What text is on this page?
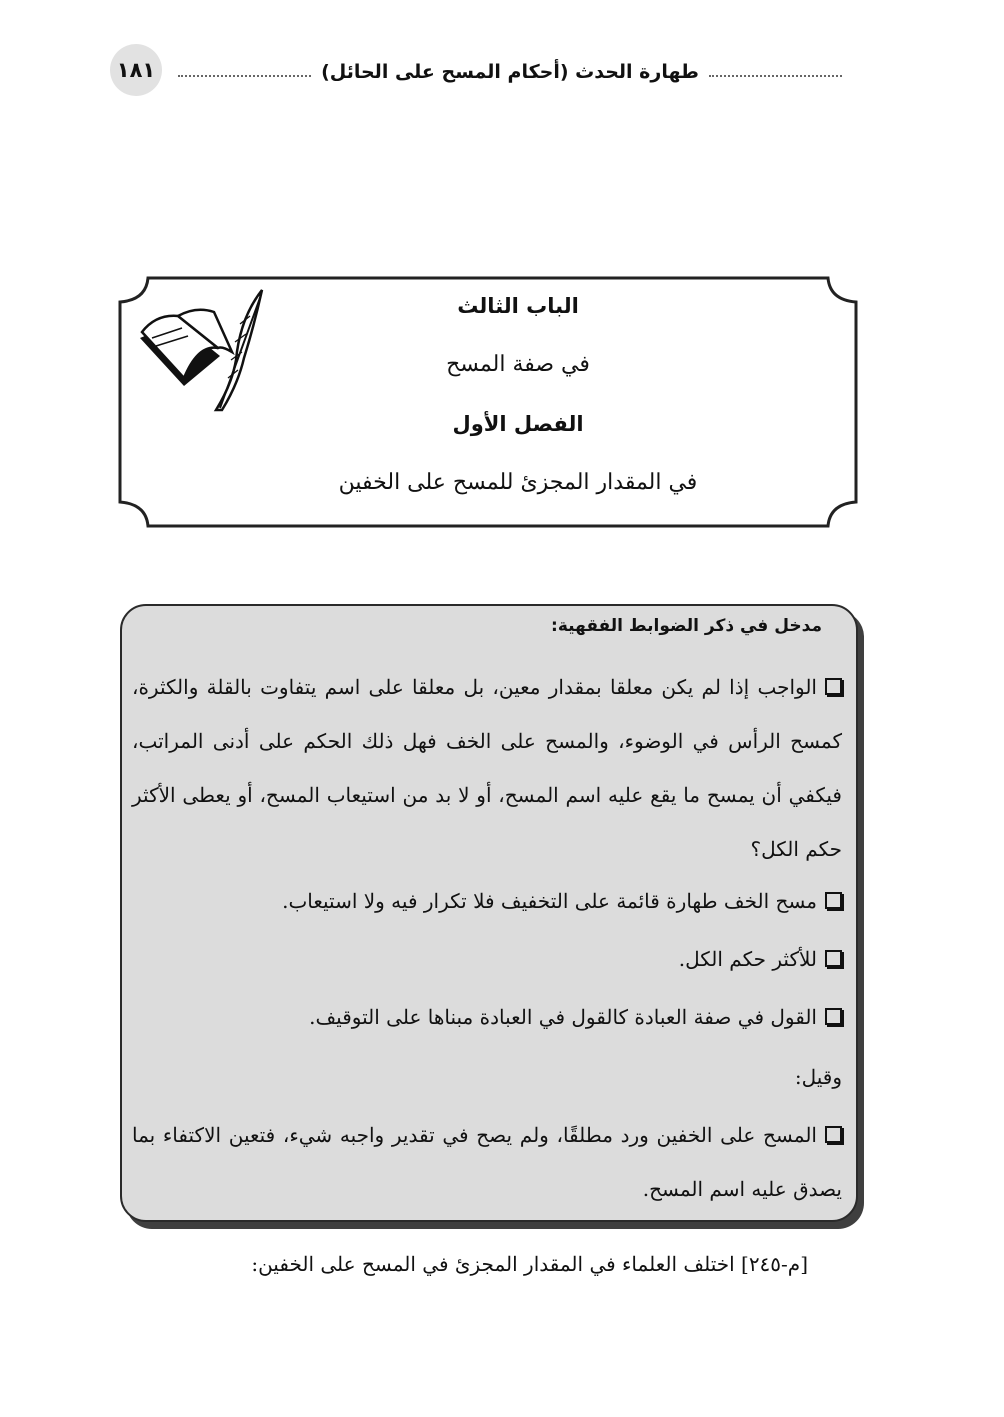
١٨١	طهارة الحدث (أحكام المسح على الحائل)
الباب الثالث
في صفة المسح
الفصل الأول
في المقدار المجزئ للمسح على الخفين
مدخل في ذكر الضوابط الفقهية:
الواجب إذا لم يكن معلقا بمقدار معين، بل معلقا على اسم يتفاوت بالقلة والكثرة، كمسح الرأس في الوضوء، والمسح على الخف فهل ذلك الحكم على أدنى المراتب، فيكفي أن يمسح ما يقع عليه اسم المسح، أو لا بد من استيعاب المسح، أو يعطى الأكثر حكم الكل؟
مسح الخف طهارة قائمة على التخفيف فلا تكرار فيه ولا استيعاب.
للأكثر حكم الكل.
القول في صفة العبادة كالقول في العبادة مبناها على التوقيف.
وقيل:
المسح على الخفين ورد مطلقًا، ولم يصح في تقدير واجبه شيء، فتعين الاكتفاء بما يصدق عليه اسم المسح.
[م-٢٤٥] اختلف العلماء في المقدار المجزئ في المسح على الخفين:
